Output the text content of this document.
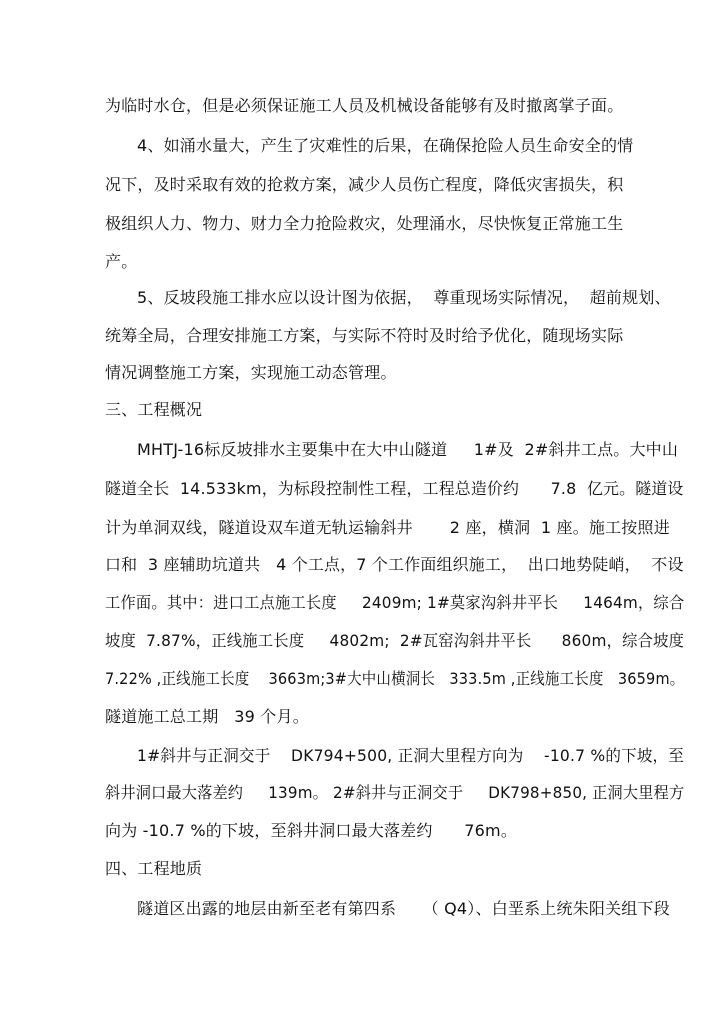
为临时水仓，但是必须保证施工人员及机械设备能够有及时撤离掌子面。
4、如涌水量大，产生了灾难性的后果，在确保抢险人员生命安全的情
况下，及时采取有效的抢救方案，减少人员伤亡程度，降低灾害损失，积
极组织人力、物力、财力全力抢险救灾，处理涌水，尽快恢复正常施工生
产。
5、反坡段施工排水应以设计图为依据，  尊重现场实际情况，  超前规划、
统筹全局，合理安排施工方案，与实际不符时及时给予优化，随现场实际
情况调整施工方案，实现施工动态管理。
三、工程概况
MHTJ-16标反坡排水主要集中在大中山隧道     1#及  2#斜井工点。大中山
隧道全长  14.533km，为标段控制性工程，工程总造价约      7.8  亿元。隧道设
计为单洞双线，隧道设双车道无轨运输斜井       2 座，横洞  1 座。施工按照进
口和  3 座辅助坑道共   4 个工点，7 个工作面组织施工，  出口地势陡峭，  不设
工作面。其中：进口工点施工长度     2409m; 1#莫家沟斜井平长     1464m，综合
坡度  7.87%，正线施工长度     4802m;  2#瓦窑沟斜井平长      860m，综合坡度
7.22% ,正线施工长度    3663m;3#大中山横洞长   333.5m ,正线施工长度   3659m。
隧道施工总工期   39 个月。
1#斜井与正洞交于    DK794+500, 正洞大里程方向为    -10.7 %的下坡，至
斜井洞口最大落差约     139m。 2#斜井与正洞交于     DK798+850, 正洞大里程方
向为 -10.7 %的下坡，至斜井洞口最大落差约      76m。
四、工程地质
隧道区出露的地层由新至老有第四系     （ Q4）、白垩系上统朱阳关组下段
